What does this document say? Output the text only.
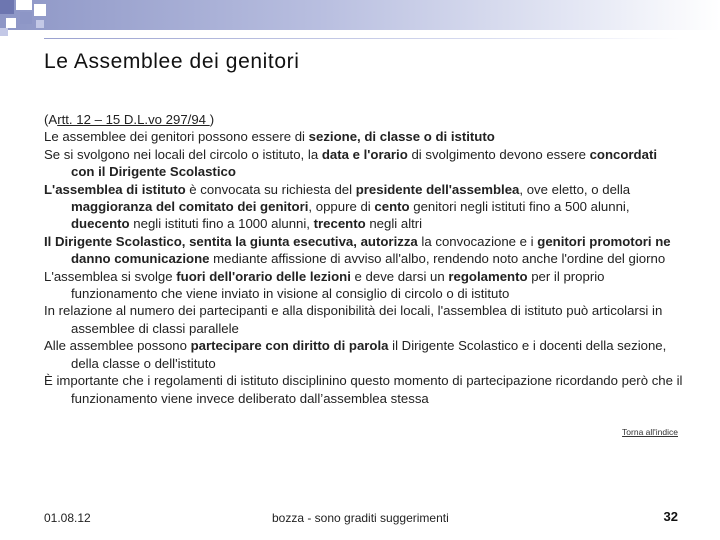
Le Assemblee dei genitori

(Artt. 12 – 15 D.L.vo 297/94 )

Le assemblee dei genitori possono essere di sezione, di classe o di istituto

Se si svolgono nei locali del circolo o istituto, la data e l'orario di svolgimento devono essere concordati con il Dirigente Scolastico

L'assemblea di istituto è convocata su richiesta del presidente dell'assemblea, ove eletto, o della maggioranza del comitato dei genitori, oppure di cento genitori negli istituti fino a 500 alunni, duecento negli istituti fino a 1000 alunni, trecento negli altri

Il Dirigente Scolastico, sentita la giunta esecutiva, autorizza la convocazione e i genitori promotori ne danno comunicazione mediante affissione di avviso all'albo, rendendo noto anche l'ordine del giorno

L'assemblea si svolge fuori dell'orario delle lezioni e deve darsi un regolamento per il proprio funzionamento che viene inviato in visione al consiglio di circolo o di istituto

In relazione al numero dei partecipanti e alla disponibilità dei locali, l'assemblea di istituto può articolarsi in assemblee di classi parallele

Alle assemblee possono partecipare con diritto di parola il Dirigente Scolastico e i docenti della sezione, della classe o dell'istituto

È importante che i regolamenti di istituto disciplinino questo momento di partecipazione ricordando però che il funzionamento viene invece deliberato dall’assemblea stessa

Torna all'indice
01.08.12	bozza - sono graditi suggerimenti	32
